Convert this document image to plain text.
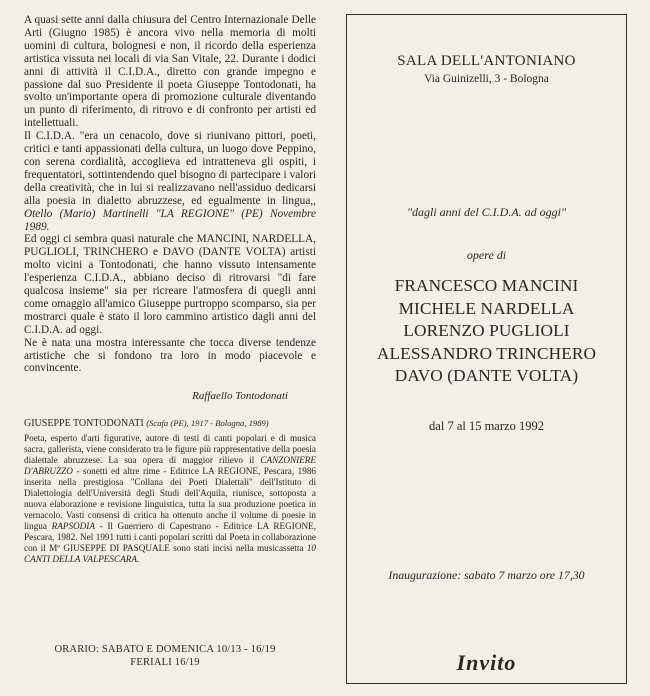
A quasi sette anni dalla chiusura del Centro Internazionale Delle Arti (Giugno 1985) è ancora vivo nella memoria di molti uomini di cultura, bolognesi e non, il ricordo della esperienza artistica vissuta nei locali di via San Vitale, 22. Durante i dodici anni di attività il C.I.D.A., diretto con grande impegno e passione dal suo Presidente il poeta Giuseppe Tontodonati, ha svolto un'importante opera di promozione culturale diventando un punto di riferimento, di ritrovo e di confronto per artisti ed intellettuali.

Il C.I.D.A. "era un cenacolo, dove si riunivano pittori, poeti, critici e tanti appassionati della cultura, un luogo dove Peppino, con serena cordialità, accoglieva ed intratteneva gli ospiti, i frequentatori, sottintendendo quel bisogno di partecipare i valori della creatività, che in lui si realizzavano nell'assiduo dedicarsi alla poesia in dialetto abruzzese, ed egualmente in lingua,, Otello (Mario) Martinelli "LA REGIONE" (PE) Novembre 1989.

Ed oggi ci sembra quasi naturale che MANCINI, NARDELLA, PUGLIOLI, TRINCHERO e DAVO (DANTE VOLTA) artisti molto vicini a Tontodonati, che hanno vissuto intensamente l'esperienza C.I.D.A., abbiano deciso di ritrovarsi "di fare qualcosa insieme" sia per ricreare l'atmosfera di quegli anni come omaggio all'amico Giuseppe purtroppo scomparso, sia per mostrarci quale è stato il loro cammino artistico dagli anni del C.I.D.A. ad oggi.

Ne è nata una mostra interessante che tocca diverse tendenze artistiche che si fondono tra loro in modo piacevole e convincente.

Raffaello Tontodonati
GIUSEPPE TONTODONATI (Scafa (PE), 1917 - Bologna, 1989)
Poeta, esperto d'arti figurative, autore di testi di canti popolari e di musica sacra, gallerista, viene considerato tra le figure più rappresentative della poesia dialettale abruzzese. La sua opera di maggior rilievo il CANZONIERE D'ABRUZZO - sonetti ed altre rime - Editrice LA REGIONE, Pescara, 1986 inserita nella prestigiosa "Collana dei Poeti Dialettali" dell'Istituto di Dialettologia dell'Università degli Studi dell'Aquila, riunisce, sottoposta a nuova elaborazione e revisione linguistica, tutta la sua produzione poetica in vernacolo. Vasti consensi di critica ha ottenuto anche il volume di poesie in lingua RAPSODIA - Il Guerriero di Capestrano - Editrice LA REGIONE, Pescara, 1982. Nel 1991 tutti i canti popolari scritti dal Poeta in collaborazione con il Mº GIUSEPPE DI PASQUALE sono stati incisi nella musicassetta 10 CANTI DELLA VALPESCARA.
ORARIO: SABATO E DOMENICA 10/13 - 16/19
FERIALI 16/19
SALA DELL'ANTONIANO
Via Guinizelli, 3 - Bologna
"dagli anni del C.I.D.A. ad oggi"
opere di
FRANCESCO MANCINI
MICHELE NARDELLA
LORENZO PUGLIOLI
ALESSANDRO TRINCHERO
DAVO (DANTE VOLTA)
dal 7 al 15 marzo 1992
Inaugurazione: sabato 7 marzo ore 17,30
Invito
